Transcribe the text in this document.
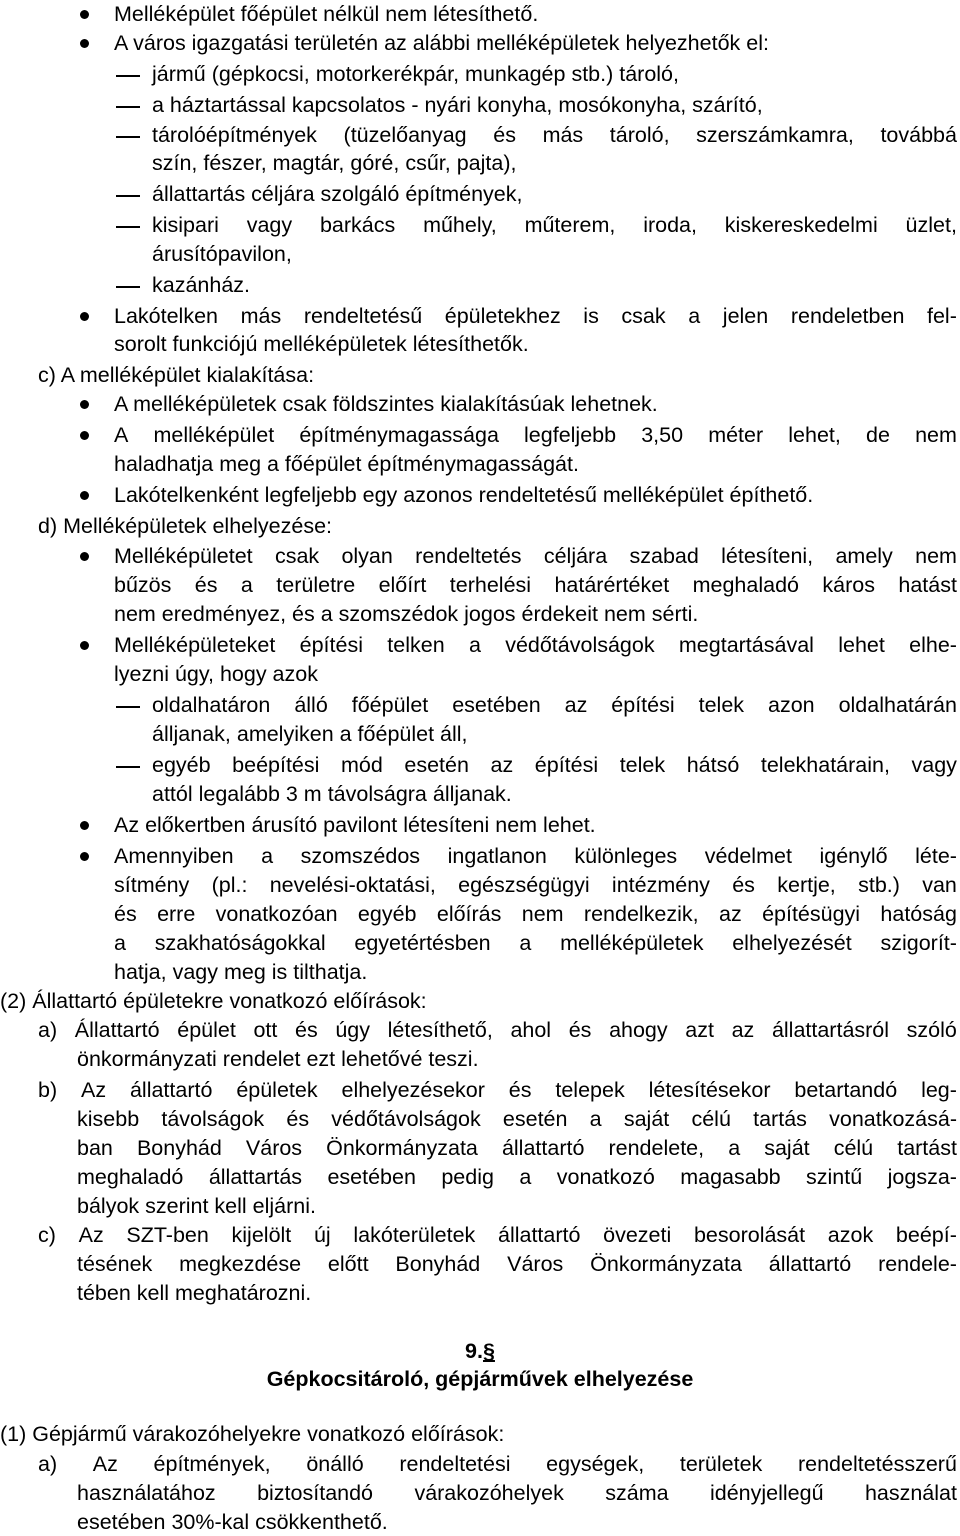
Melléképület főépület nélkül nem létesíthető.
A város igazgatási területén az alábbi melléképületek helyezhetők el:
jármű (gépkocsi, motorkerékpár, munkagép stb.) tároló,
a háztartással kapcsolatos - nyári konyha, mosókonyha, szárító,
tárolóépítmények (tüzelőanyag és más tároló, szerszámkamra, továbbá
szín, fészer, magtár, góré, csűr, pajta),
állattartás céljára szolgáló építmények,
kisipari vagy barkács műhely, műterem, iroda, kiskereskedelmi üzlet,
árusítópavilon,
kazánház.
Lakótelken más rendeltetésű épületekhez is csak a jelen rendeletben fel-
sorolt funkciójú melléképületek létesíthetők.
c) A melléképület kialakítása:
A melléképületek csak földszintes kialakításúak lehetnek.
A melléképület építménymagassága legfeljebb 3,50 méter lehet, de nem
haladhatja meg a főépület építménymagasságát.
Lakótelkenként legfeljebb egy azonos rendeltetésű melléképület építhető.
d) Melléképületek elhelyezése:
Melléképületet csak olyan rendeltetés céljára szabad létesíteni, amely nem
bűzös és a területre előírt terhelési határértéket meghaladó káros hatást
nem eredményez, és a szomszédok jogos érdekeit nem sérti.
Melléképületeket építési telken a védőtávolságok megtartásával lehet elhe-
lyezni úgy, hogy azok
oldalhatáron álló főépület esetében az építési telek azon oldalhatárán
álljanak, amelyiken a főépület áll,
egyéb beépítési mód esetén az építési telek hátsó telekhatárain, vagy
attól legalább 3 m távolságra álljanak.
Az előkertben árusító pavilont létesíteni nem lehet.
Amennyiben a szomszédos ingatlanon különleges védelmet igénylő léte-
sítmény (pl.: nevelési-oktatási, egészségügyi intézmény és kertje, stb.) van
és erre vonatkozóan egyéb előírás nem rendelkezik, az építésügyi hatóság
a szakhatóságokkal egyetértésben a melléképületek elhelyezését szigorít-
hatja, vagy meg is tilthatja.
(2) Állattartó épületekre vonatkozó előírások:
a) Állattartó épület ott és úgy létesíthető, ahol és ahogy azt az állattartásról szóló
önkormányzati rendelet ezt lehetővé teszi.
b) Az állattartó épületek elhelyezésekor és telepek létesítésekor betartandó leg-
kisebb távolságok és védőtávolságok esetén a saját célú tartás vonatkozásá-
ban Bonyhád Város Önkormányzata állattartó rendelete, a saját célú tartást
meghaladó állattartás esetében pedig a vonatkozó magasabb szintű jogsza-
bályok szerint kell eljárni.
c) Az SZT-ben kijelölt új lakóterületek állattartó övezeti besorolását azok beépí-
tésének megkezdése előtt Bonyhád Város Önkormányzata állattartó rendele-
tében kell meghatározni.
(1) Gépjármű várakozóhelyekre vonatkozó előírások:
a) Az építmények, önálló rendeltetési egységek, területek rendeltetésszerű
használatához biztosítandó várakozóhelyek száma idényjellegű használat
esetében 30%-kal csökkenthető.
9.§
Gépkocsitároló, gépjárművek elhelyezése
